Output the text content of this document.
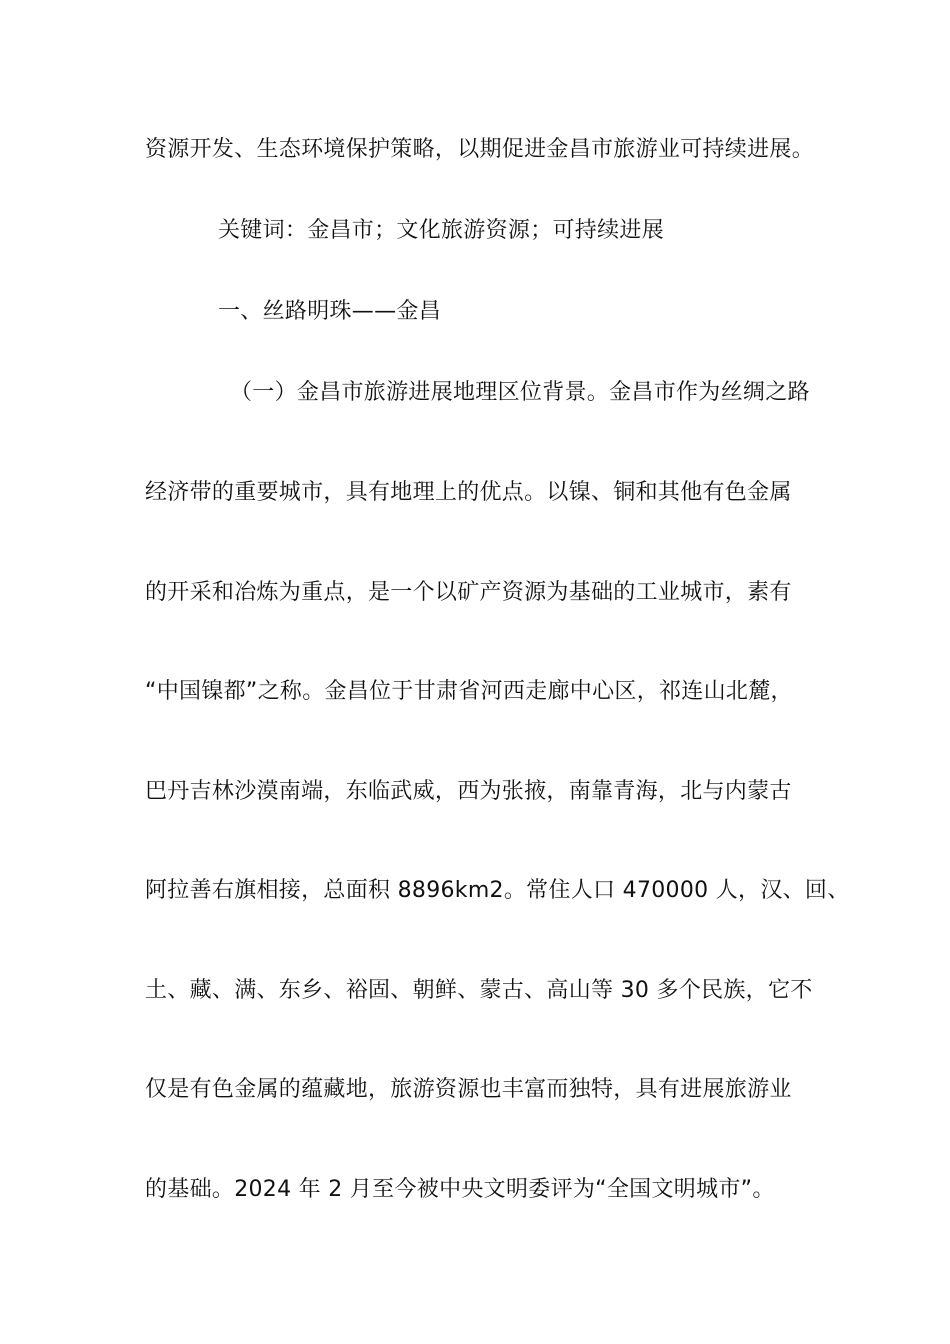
资源开发、生态环境保护策略，以期促进金昌市旅游业可持续进展。

关键词：金昌市；文化旅游资源；可持续进展

一、丝路明珠——金昌

（一）金昌市旅游进展地理区位背景。金昌市作为丝绸之路

经济带的重要城市，具有地理上的优点。以镍、铜和其他有色金属

的开采和冶炼为重点，是一个以矿产资源为基础的工业城市，素有

“中国镍都”之称。金昌位于甘肃省河西走廊中心区，祁连山北麓，

巴丹吉林沙漠南端，东临武威，西为张掖，南靠青海，北与内蒙古

阿拉善右旗相接，总面积 8896km2。常住人口 470000 人，汉、回、

土、藏、满、东乡、裕固、朝鲜、蒙古、高山等 30 多个民族，它不

仅是有色金属的蕴藏地，旅游资源也丰富而独特，具有进展旅游业

的基础。2024 年 2 月至今被中央文明委评为“全国文明城市”。
